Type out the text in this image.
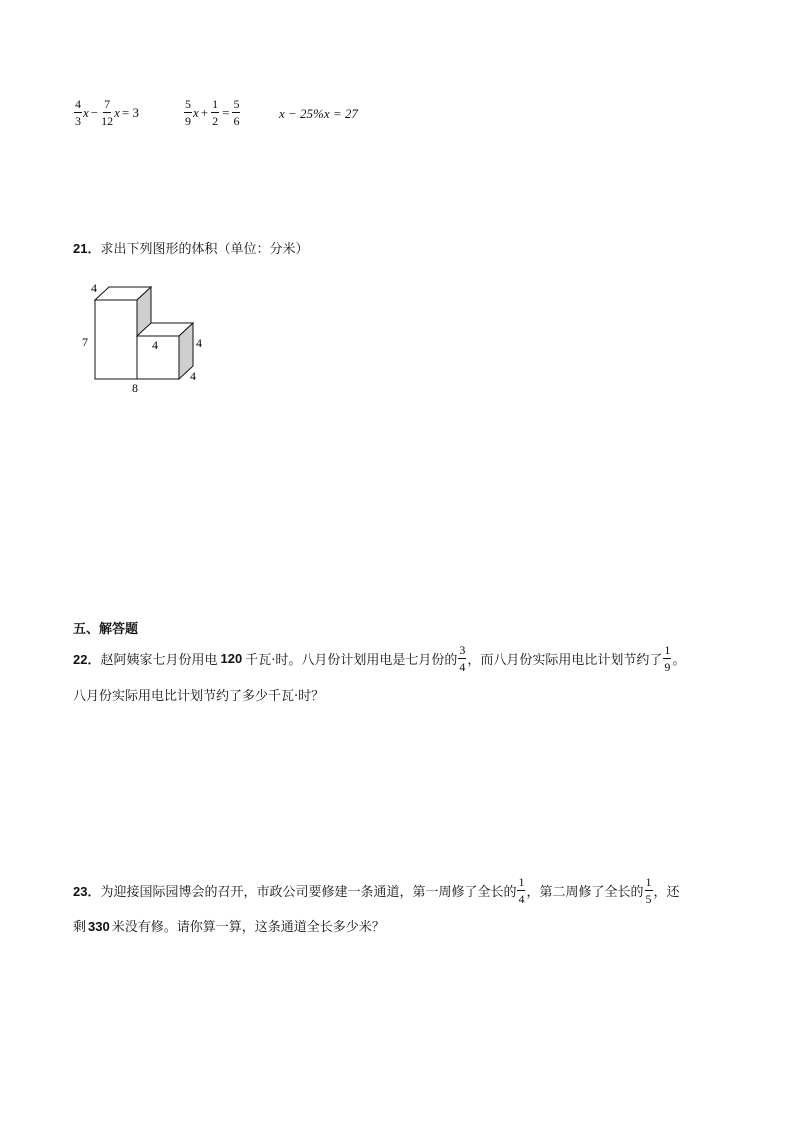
$\frac{4}{3}$ $x - \frac{7}{12}$ x = 3	$\frac{5}{9}$ $x + \frac{1}{2} = \frac{5}{6}$	x − 25%x = 27
21．求出下列图形的体积（单位：分米）
4
7
8
4	4
4
五、解答题
22． 赵阿姨家七月份用电 120 千瓦·时。八月份计划用电是七月份的 $\frac{3}{4}$ ，而八月份实际用电比计划节约了 $\frac{1}{9}$ 。
八月份实际用电比计划节约了多少千瓦·时？
23． 为迎接国际园博会的召开，市政公司要修建一条通道，第一周修了全长的 $\frac{1}{4}$ ，第二周修了全长的 $\frac{1}{5}$ ，还
剩 330 米没有修。请你算一算，这条通道全长多少米？
